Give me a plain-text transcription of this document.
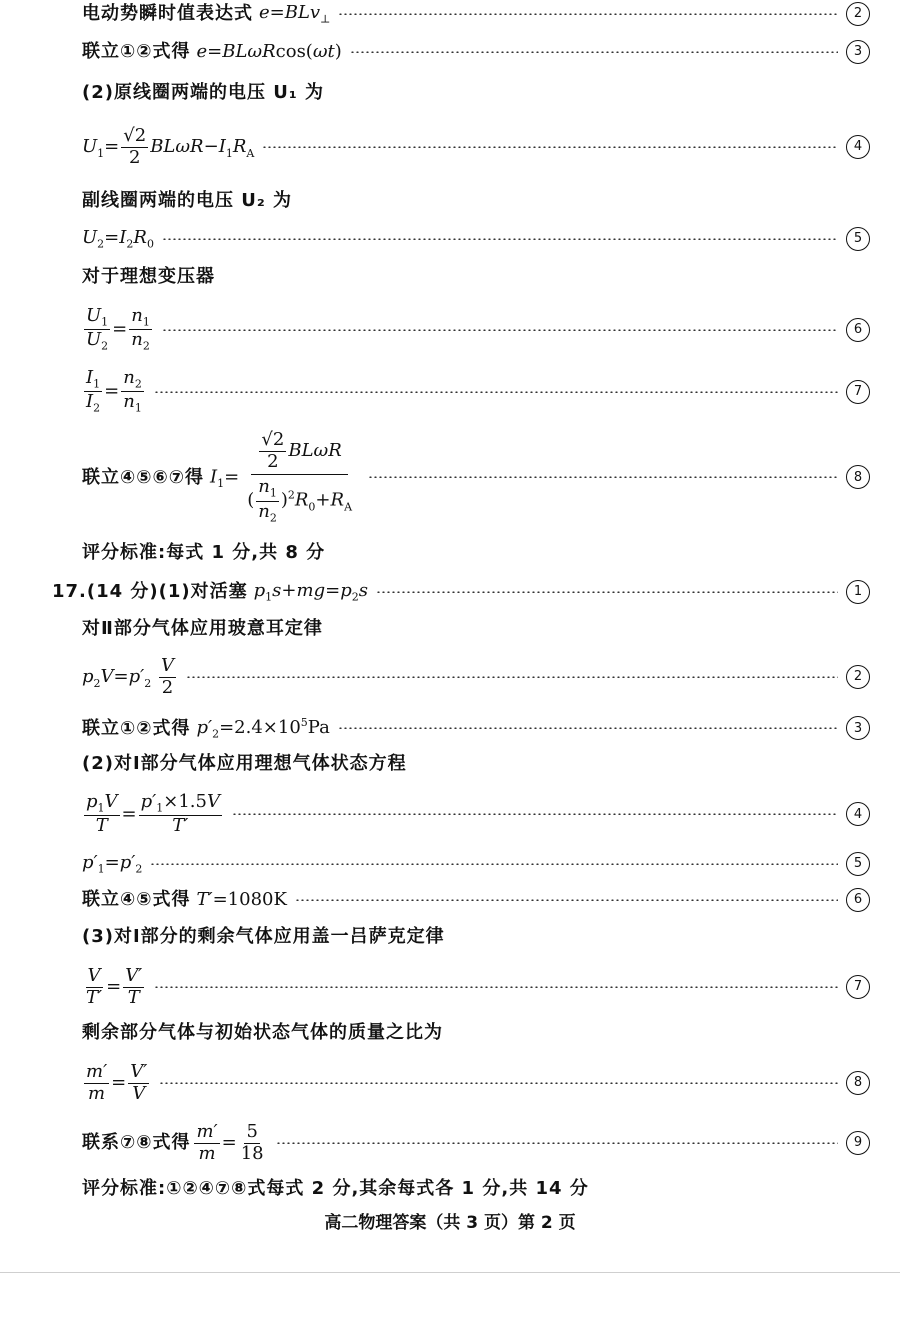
电动势瞬时值表达式 e=BLv$_\perp$	2
联立①②式得 e=BLωRcos(ωt)	3
(2)原线圈两端的电压 U₁ 为
$U_1= \frac{√2}{2} BL\omega R-I_1R_A$	4
副线圈两端的电压 U₂ 为
$U_2=I_2R_0$	5
对于理想变压器
$\frac{U_1}{U_2} = \frac{n_1}{n_2}$	6
$\frac{I_1}{I_2} = \frac{n_2}{n_1}$	7
联立④⑤⑥⑦得 $I_1= \frac{\frac{√2}{2} BL\omega R}{( \frac{n_1}{n_2} )^2R_0+R_A}$	8
评分标准:每式 1 分,共 8 分
17.(14 分)(1)对活塞 $p_1s+mg=p_2s$	1
对Ⅱ部分气体应用玻意耳定律
$p_2V=p'_2 \frac{V}{2}$	2
联立①②式得 $p'_2=2.4\times 10^5Pa$	3
(2)对Ⅰ部分气体应用理想气体状态方程
$\frac{p_1V}{T} = \frac{p'_1\times 1.5V}{T'}$	4
$p'_1=p'_2$	5
联立④⑤式得 T′=1080K	6
(3)对Ⅰ部分的剩余气体应用盖一吕萨克定律
$\frac{V}{T'} = \frac{V'}{T}$	7
剩余部分气体与初始状态气体的质量之比为
$\frac{m'}{m} = \frac{V'}{V}$	8
联系⑦⑧式得 $\frac{m'}{m} = \frac{5}{18}$	9
评分标准:①②④⑦⑧式每式 2 分,其余每式各 1 分,共 14 分
高二物理答案（共 3 页）第 2 页
